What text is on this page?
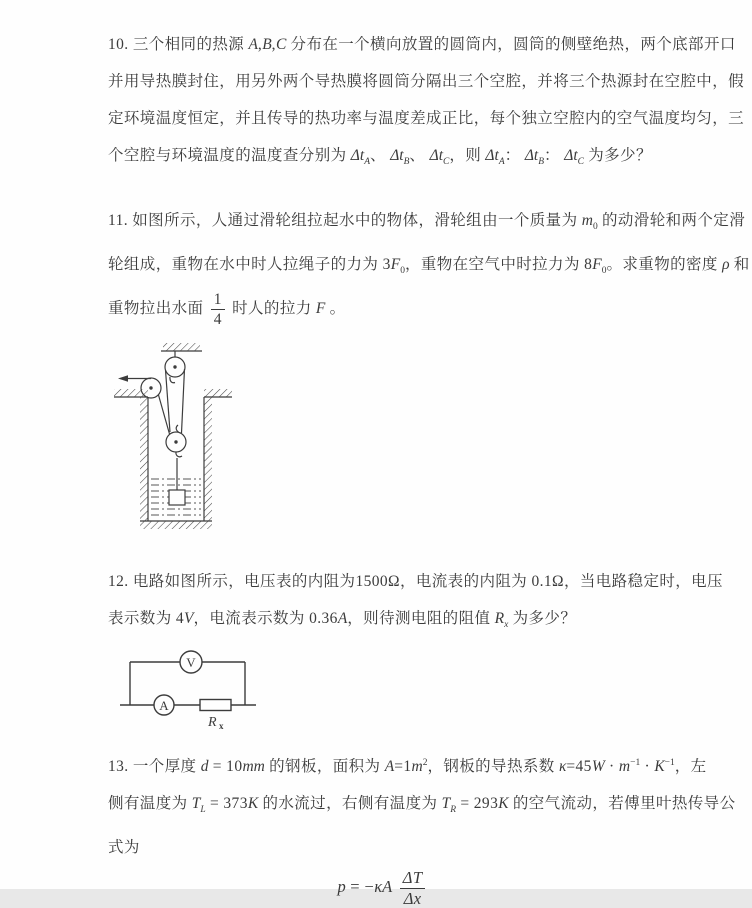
10. 三个相同的热源 A,B,C 分布在一个横向放置的圆筒内，圆筒的侧壁绝热，两个底部开口
并用导热膜封住，用另外两个导热膜将圆筒分隔出三个空腔，并将三个热源封在空腔中，假
定环境温度恒定，并且传导的热功率与温度差成正比，每个独立空腔内的空气温度均匀，三
个空腔与环境温度的温度查分别为 $\Delta t_A$、 $\Delta t_B$、 $\Delta t_C$，则 $\Delta t_A$： $\Delta t_B$： $\Delta t_C$ 为多少？
11. 如图所示，人通过滑轮组拉起水中的物体，滑轮组由一个质量为 $m_0$ 的动滑轮和两个定滑
轮组成，重物在水中时人拉绳子的力为 $3F_0$，重物在空气中时拉力为 $8F_0$。求重物的密度 ρ 和
重物拉出水面 $\frac{1}{4}$ 时人的拉力 F 。
12. 电路如图所示，电压表的内阻为1500Ω，电流表的内阻为 0.1Ω，当电路稳定时，电压
表示数为 4V，电流表示数为 0.36A，则待测电阻的阻值 $R_x$ 为多少？
V
A
R x
13. 一个厚度 d = 10mm 的钢板，面积为 $A=1m^2$，钢板的导热系数 $\kappa=45W \cdot m^{-1} \cdot K^{-1}$，左
侧有温度为 $T_L = 373K$ 的水流过，右侧有温度为 $T_R = 293K$ 的空气流动，若傅里叶热传导公
式为
$p = -\kappa A \frac{\Delta T}{\Delta x}$
